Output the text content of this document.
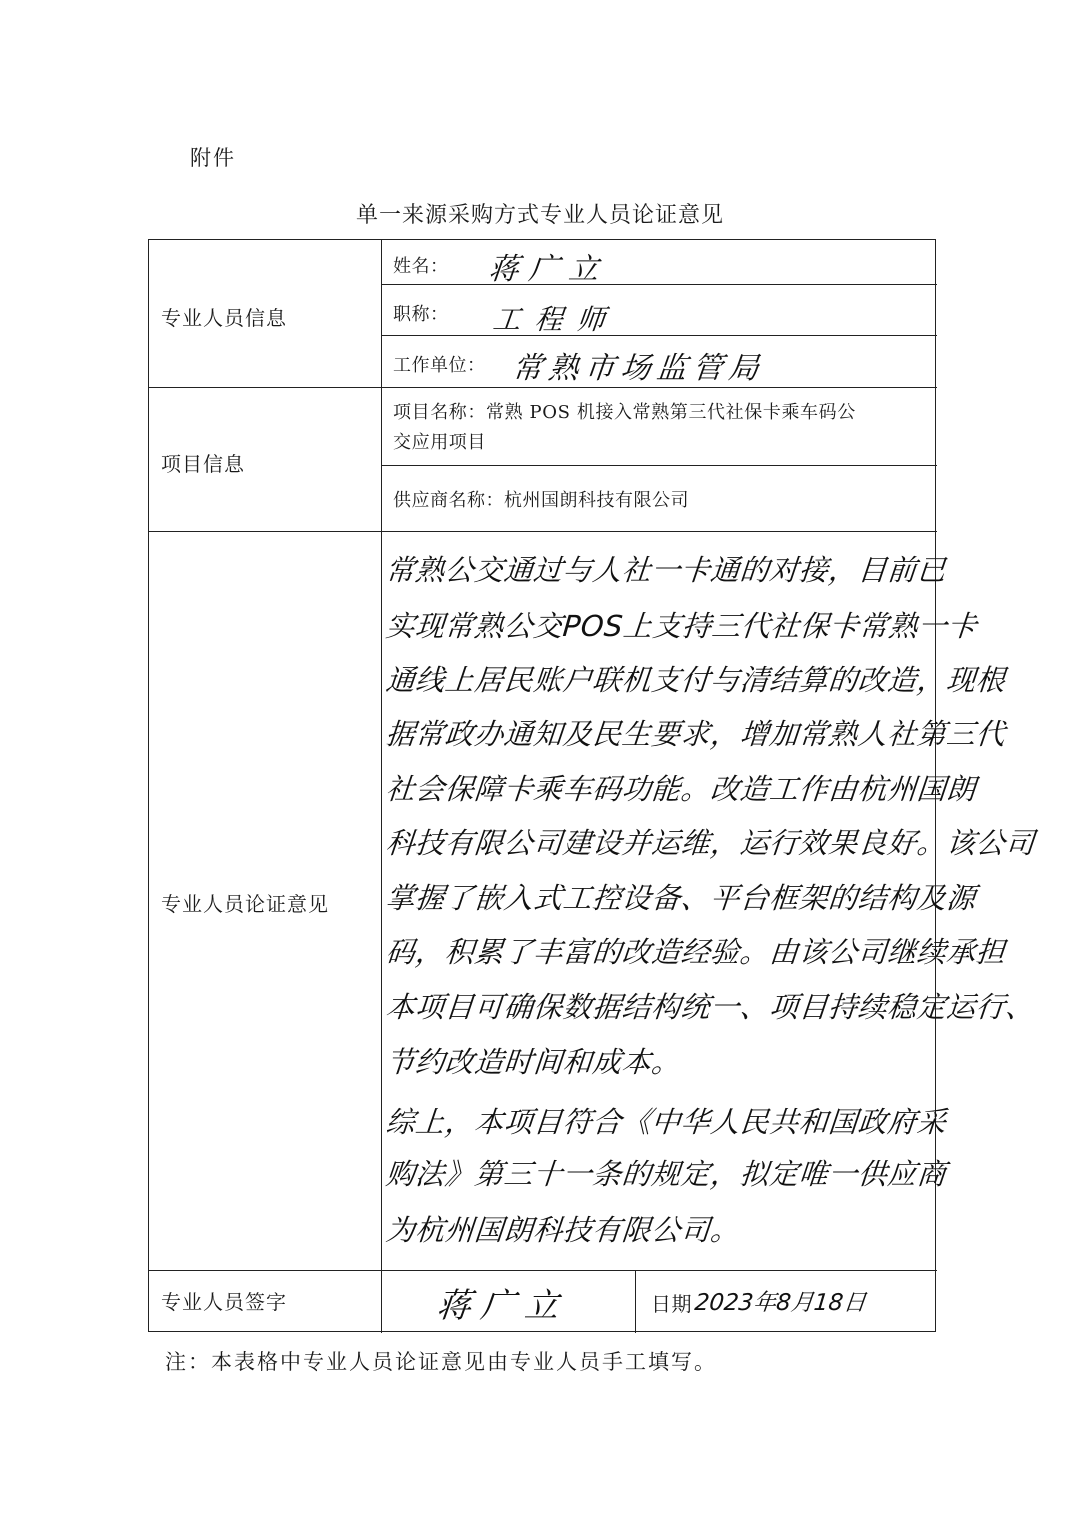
附件
单一来源采购方式专业人员论证意见
专业人员信息
项目信息
专业人员论证意见
专业人员签字
姓名： 蒋广立
职称： 工程师
工作单位： 常熟市场监管局
项目名称：常熟 POS 机接入常熟第三代社保卡乘车码公
交应用项目
供应商名称：杭州国朗科技有限公司
蒋广立	日期 2023年8月18日
常熟公交通过与人社一卡通的对接，目前已
实现常熟公交POS上支持三代社保卡常熟一卡
通线上居民账户联机支付与清结算的改造，现根
据常政办通知及民生要求，增加常熟人社第三代
社会保障卡乘车码功能。改造工作由杭州国朗
科技有限公司建设并运维，运行效果良好。该公司
掌握了嵌入式工控设备、平台框架的结构及源
码，积累了丰富的改造经验。由该公司继续承担
本项目可确保数据结构统一、项目持续稳定运行、
节约改造时间和成本。
综上，本项目符合《中华人民共和国政府采
购法》第三十一条的规定，拟定唯一供应商
为杭州国朗科技有限公司。
注：本表格中专业人员论证意见由专业人员手工填写。
